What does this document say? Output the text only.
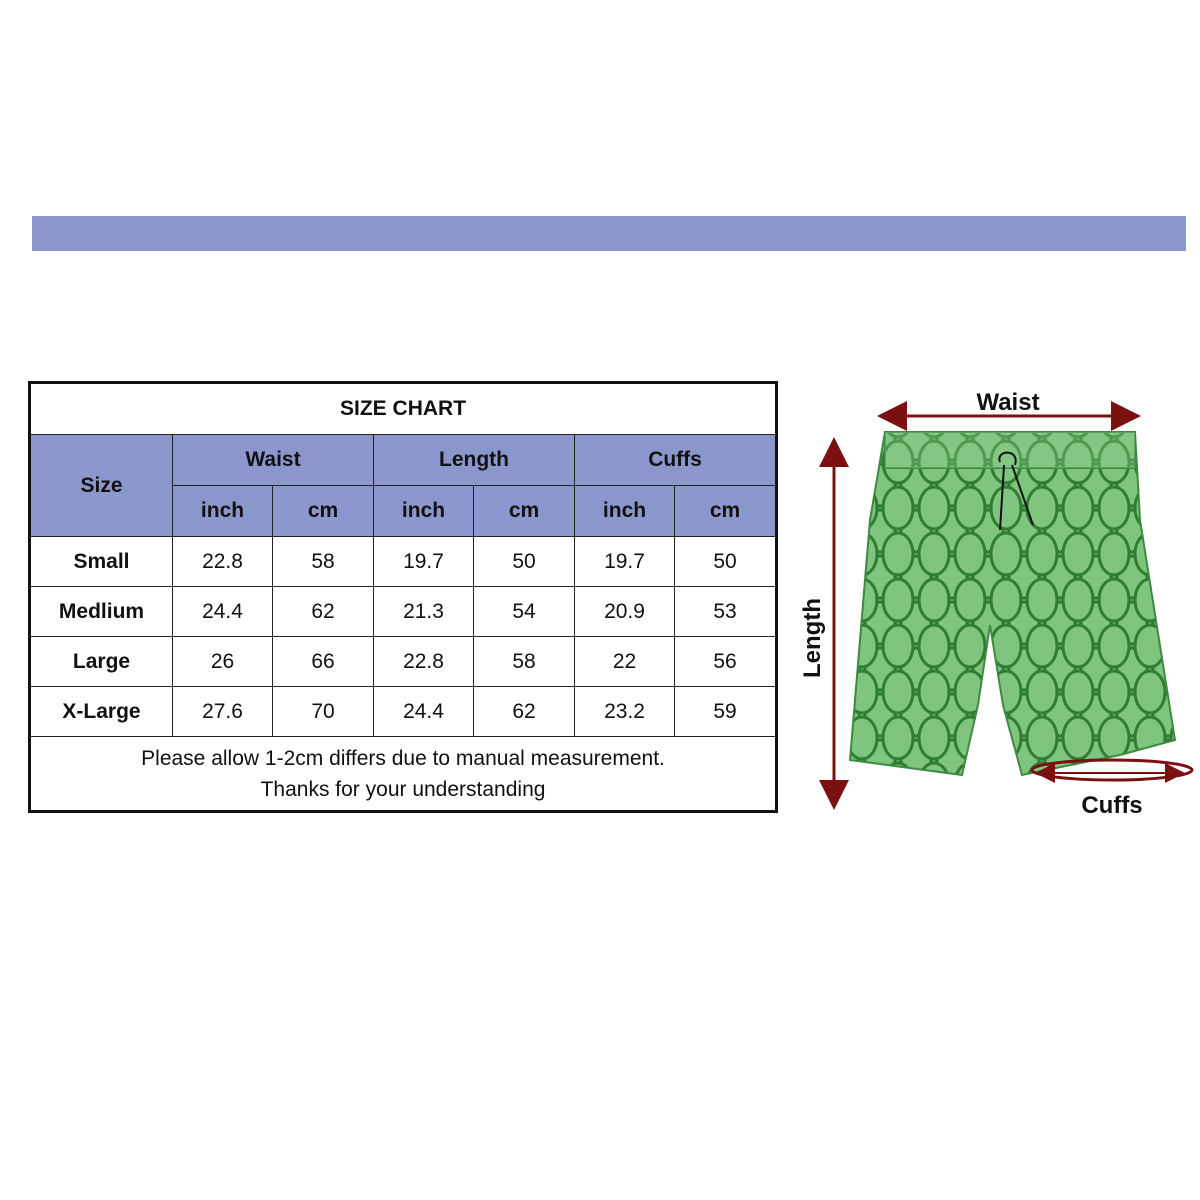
SIZE CHART						
Size	Waist		Length		Cuffs	
	inch	cm	inch	cm	inch	cm
Small	22.8	58	19.7	50	19.7	50
Medlium	24.4	62	21.3	54	20.9	53
Large	26	66	22.8	58	22	56
X-Large	27.6	70	24.4	62	23.2	59

Please allow 1-2cm differs due to manual measurement.
Thanks for your understanding						
Waist
Length
Cuffs
